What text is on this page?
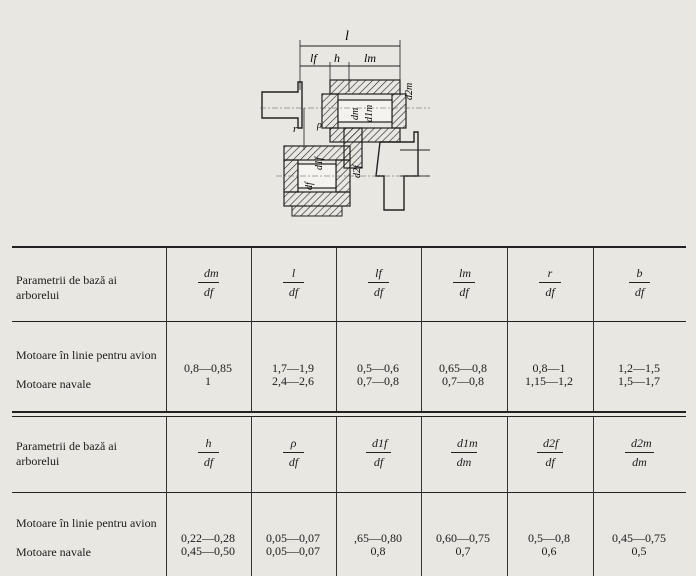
l
lf h lm
r ρ
d2m
dm d1m
d1f
df
d2f
Parametrii de bază ai arborelui	$\frac{dm}{df} \frac{l}{df} \frac{lf}{df} \frac{lm}{df} \frac{r}{df} \frac{b}{df}$
Motoare în linie pentru avion
Motoare navale
0,8—0,85
1
1,7—1,9
2,4—2,6
0,5—0,6
0,7—0,8
0,65—0,8
0,7—0,8
0,8—1
1,15—1,2
1,2—1,5
1,5—1,7
Parametrii de bază ai arborelui	$\frac{h}{df} \frac{\rho}{df} \frac{d1f}{df} \frac{d1m}{dm} \frac{d2f}{df} \frac{d2m}{dm}$
Motoare în linie pentru avion
Motoare navale
0,22—0,28
0,45—0,50
0,05—0,07
0,05—0,07
,65—0,80
0,8
0,60—0,75
0,7
0,5—0,8
0,6
0,45—0,75
0,5
